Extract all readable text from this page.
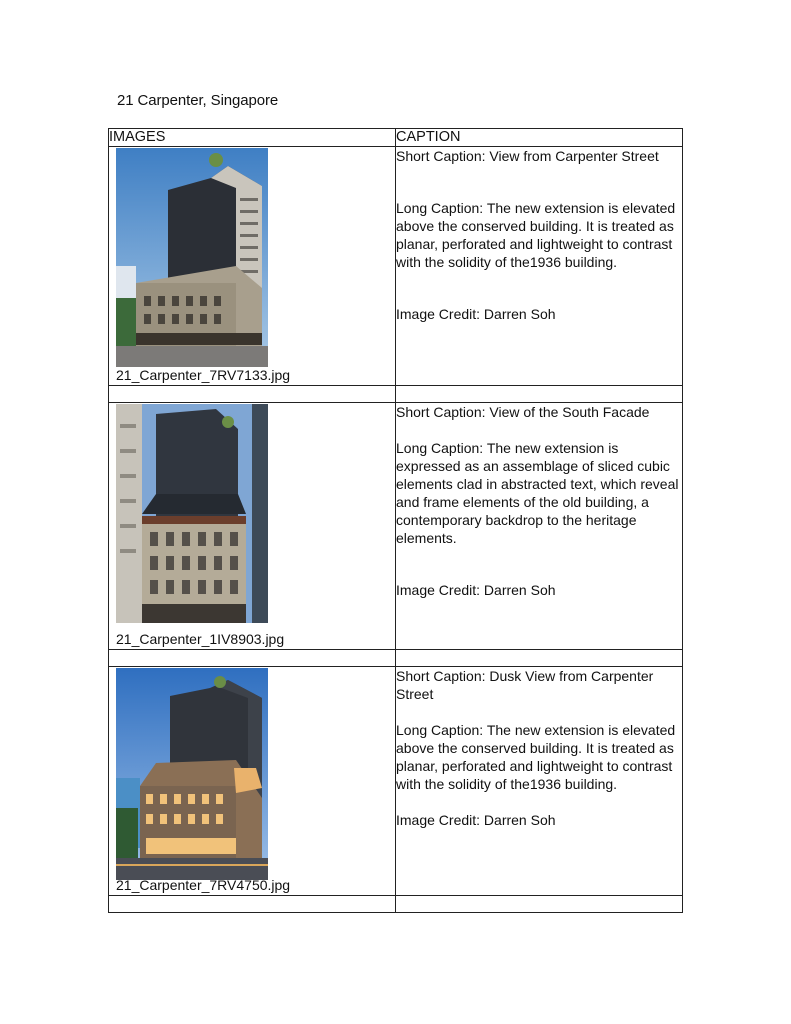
21 Carpenter, Singapore
IMAGES	CAPTION

21_Carpenter_7RV7133.jpg	Short Caption: View from Carpenter Street

Long Caption: The new extension is elevated above the conserved building. It is treated as planar, perforated and lightweight to contrast with the solidity of the1936 building.

Image Credit: Darren Soh

21_Carpenter_1IV8903.jpg	Short Caption: View of the South Facade

Long Caption: The new extension is expressed as an assemblage of sliced cubic elements clad in abstracted text, which reveal and frame elements of the old building, a contemporary backdrop to the heritage elements.

Image Credit: Darren Soh

21_Carpenter_7RV4750.jpg	Short Caption: Dusk View from Carpenter Street

Long Caption: The new extension is elevated above the conserved building. It is treated as planar, perforated and lightweight to contrast with the solidity of the1936 building.

Image Credit: Darren Soh
